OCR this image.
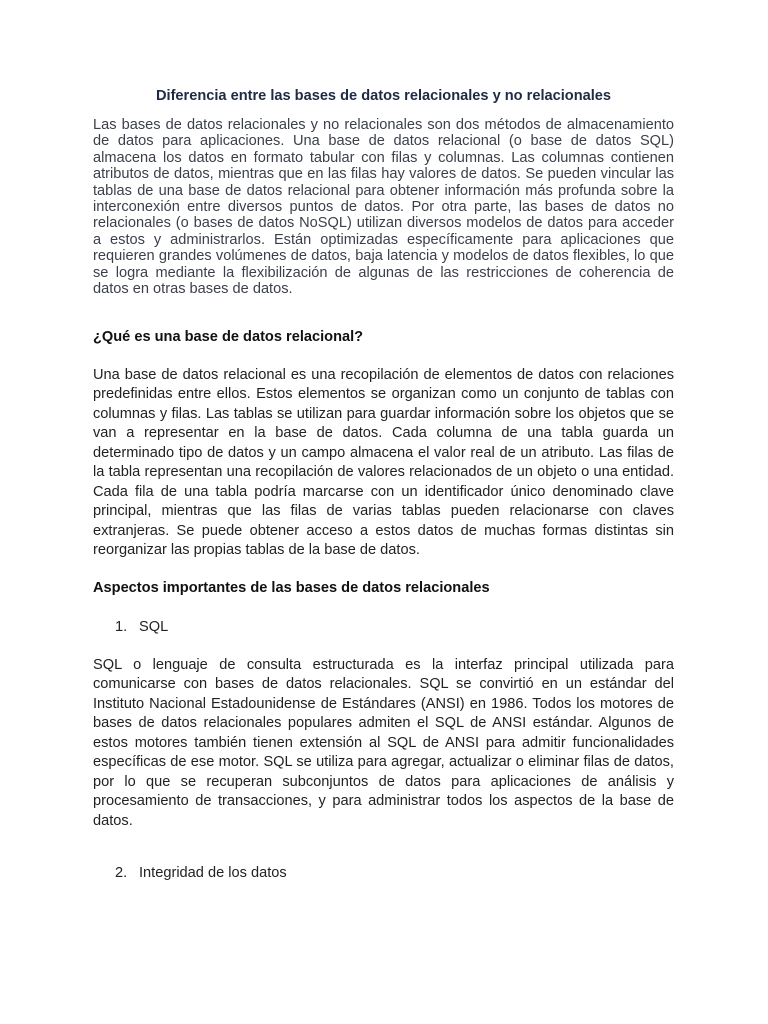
Diferencia entre las bases de datos relacionales y no relacionales

Las bases de datos relacionales y no relacionales son dos métodos de almacenamiento de datos para aplicaciones. Una base de datos relacional (o base de datos SQL) almacena los datos en formato tabular con filas y columnas. Las columnas contienen atributos de datos, mientras que en las filas hay valores de datos. Se pueden vincular las tablas de una base de datos relacional para obtener información más profunda sobre la interconexión entre diversos puntos de datos. Por otra parte, las bases de datos no relacionales (o bases de datos NoSQL) utilizan diversos modelos de datos para acceder a estos y administrarlos. Están optimizadas específicamente para aplicaciones que requieren grandes volúmenes de datos, baja latencia y modelos de datos flexibles, lo que se logra mediante la flexibilización de algunas de las restricciones de coherencia de datos en otras bases de datos.

¿Qué es una base de datos relacional?

Una base de datos relacional es una recopilación de elementos de datos con relaciones predefinidas entre ellos. Estos elementos se organizan como un conjunto de tablas con columnas y filas. Las tablas se utilizan para guardar información sobre los objetos que se van a representar en la base de datos. Cada columna de una tabla guarda un determinado tipo de datos y un campo almacena el valor real de un atributo. Las filas de la tabla representan una recopilación de valores relacionados de un objeto o una entidad. Cada fila de una tabla podría marcarse con un identificador único denominado clave principal, mientras que las filas de varias tablas pueden relacionarse con claves extranjeras. Se puede obtener acceso a estos datos de muchas formas distintas sin reorganizar las propias tablas de la base de datos.

Aspectos importantes de las bases de datos relacionales
1. SQL

SQL o lenguaje de consulta estructurada es la interfaz principal utilizada para comunicarse con bases de datos relacionales. SQL se convirtió en un estándar del Instituto Nacional Estadounidense de Estándares (ANSI) en 1986. Todos los motores de bases de datos relacionales populares admiten el SQL de ANSI estándar. Algunos de estos motores también tienen extensión al SQL de ANSI para admitir funcionalidades específicas de ese motor. SQL se utiliza para agregar, actualizar o eliminar filas de datos, por lo que se recuperan subconjuntos de datos para aplicaciones de análisis y procesamiento de transacciones, y para administrar todos los aspectos de la base de datos.

2. Integridad de los datos
